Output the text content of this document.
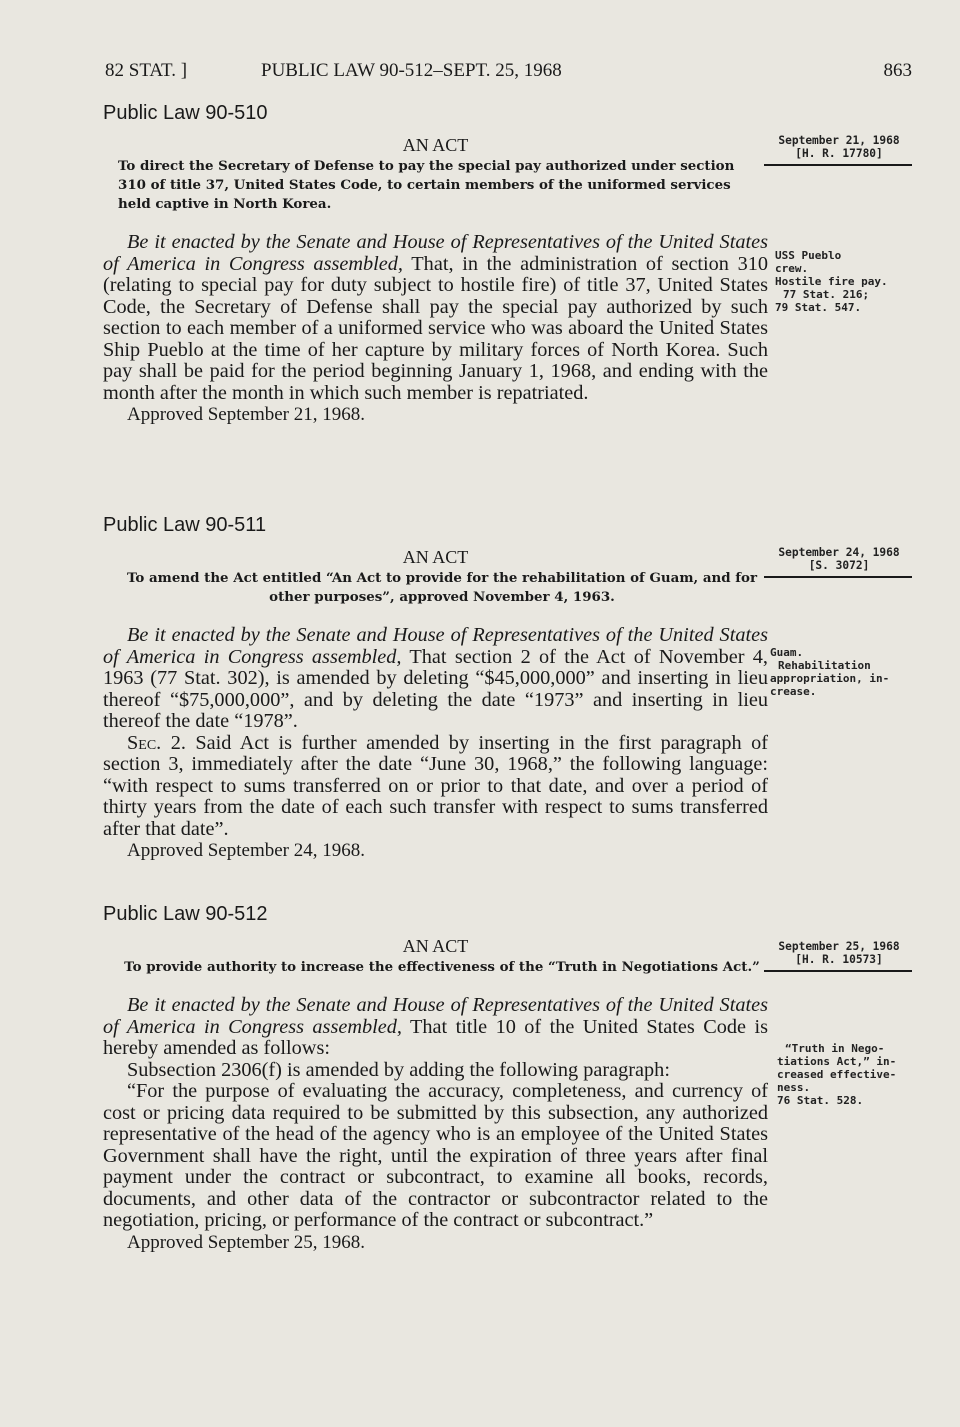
82 STAT. ]	PUBLIC LAW 90-512–SEPT. 25, 1968	863
Public Law 90-510
AN ACT
To direct the Secretary of Defense to pay the special pay authorized under section 310 of title 37, United States Code, to certain members of the uniformed services held captive in North Korea.

Be it enacted by the Senate and House of Representatives of the United States of America in Congress assembled, That, in the administration of section 310 (relating to special pay for duty subject to hostile fire) of title 37, United States Code, the Secretary of Defense shall pay the special pay authorized by such section to each member of a uniformed service who was aboard the United States Ship Pueblo at the time of her capture by military forces of North Korea. Such pay shall be paid for the period beginning January 1, 1968, and ending with the month after the month in which such member is repatriated.

Approved September 21, 1968.
September 21, 1968
[H. R. 17780]
USS Pueblo
crew.
Hostile fire pay.
77 Stat. 216;
79 Stat. 547.
Public Law 90-511
AN ACT
To amend the Act entitled “An Act to provide for the rehabilitation of Guam, and for other purposes”, approved November 4, 1963.

Be it enacted by the Senate and House of Representatives of the United States of America in Congress assembled, That section 2 of the Act of November 4, 1963 (77 Stat. 302), is amended by deleting “$45,000,000” and inserting in lieu thereof “$75,000,000”, and by deleting the date “1973” and inserting in lieu thereof the date “1978”.

Sec. 2. Said Act is further amended by inserting in the first paragraph of section 3, immediately after the date “June 30, 1968,” the following language: “with respect to sums transferred on or prior to that date, and over a period of thirty years from the date of each such transfer with respect to sums transferred after that date”.

Approved September 24, 1968.
September 24, 1968
[S. 3072]
Guam.
Rehabilitation
appropriation, in-
crease.
Public Law 90-512
AN ACT
To provide authority to increase the effectiveness of the “Truth in Negotiations Act.”

Be it enacted by the Senate and House of Representatives of the United States of America in Congress assembled, That title 10 of the United States Code is hereby amended as follows:

Subsection 2306(f) is amended by adding the following paragraph:

“For the purpose of evaluating the accuracy, completeness, and currency of cost or pricing data required to be submitted by this subsection, any authorized representative of the head of the agency who is an employee of the United States Government shall have the right, until the expiration of three years after final payment under the contract or subcontract, to examine all books, records, documents, and other data of the contractor or subcontractor related to the negotiation, pricing, or performance of the contract or subcontract.”

Approved September 25, 1968.
September 25, 1968
[H. R. 10573]
“Truth in Nego-
tiations Act,” in-
creased effective-
ness.
76 Stat. 528.
